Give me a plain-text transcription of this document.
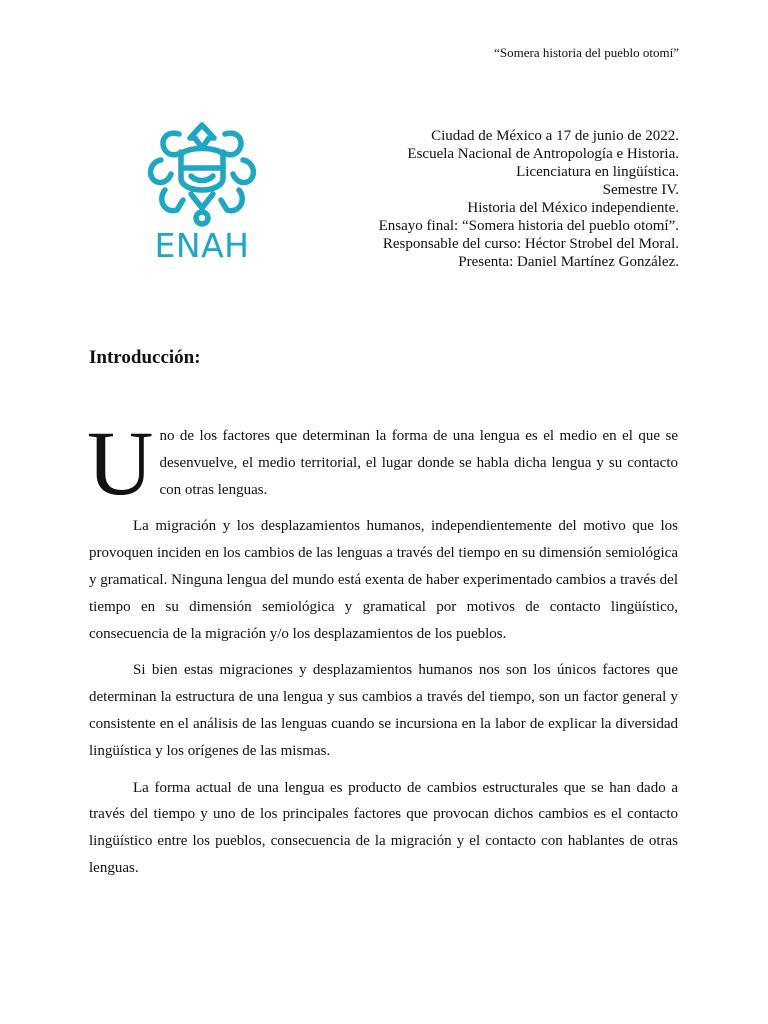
“Somera historia del pueblo otomí”
ENAH
Ciudad de México a 17 de junio de 2022.
Escuela Nacional de Antropología e Historia.
Licenciatura en lingüística.
Semestre IV.
Historia del México independiente.
Ensayo final: “Somera historia del pueblo otomí”.
Responsable del curso: Héctor Strobel del Moral.
Presenta: Daniel Martínez González.
Introducción:

Uno de los factores que determinan la forma de una lengua es el medio en el que se desenvuelve, el medio territorial, el lugar donde se habla dicha lengua y su contacto con otras lenguas.

La migración y los desplazamientos humanos, independientemente del motivo que los provoquen inciden en los cambios de las lenguas a través del tiempo en su dimensión semiológica y gramatical. Ninguna lengua del mundo está exenta de haber experimentado cambios a través del tiempo en su dimensión semiológica y gramatical por motivos de contacto lingüístico, consecuencia de la migración y/o los desplazamientos de los pueblos.

Si bien estas migraciones y desplazamientos humanos nos son los únicos factores que determinan la estructura de una lengua y sus cambios a través del tiempo, son un factor general y consistente en el análisis de las lenguas cuando se incursiona en la labor de explicar la diversidad lingüística y los orígenes de las mismas.

La forma actual de una lengua es producto de cambios estructurales que se han dado a través del tiempo y uno de los principales factores que provocan dichos cambios es el contacto lingüístico entre los pueblos, consecuencia de la migración y el contacto con hablantes de otras lenguas.
